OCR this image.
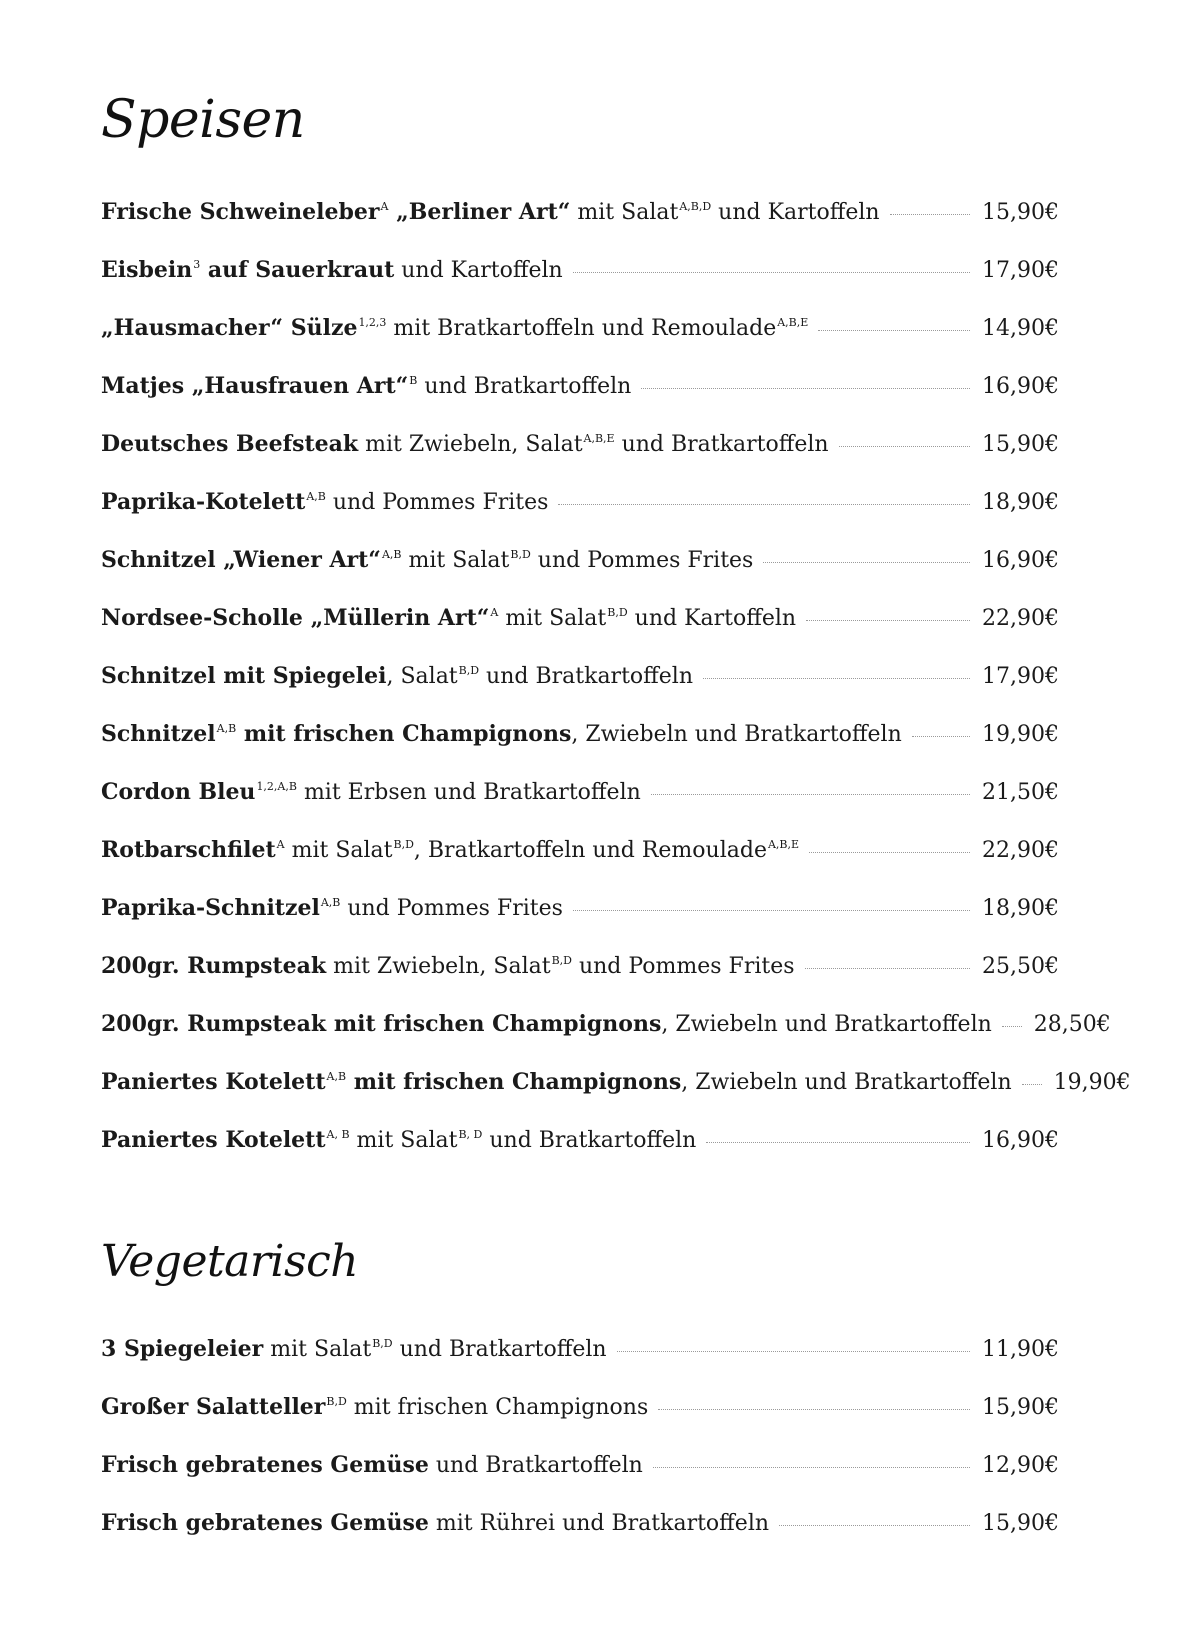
Speisen
Frische Schweineleber$^A$ „Berliner Art“ mit Salat$^{A,B,D}$ und Kartoffeln	15,90€
Eisbein$^3$ auf Sauerkraut und Kartoffeln	17,90€
„Hausmacher“ Sülze$^{1,2,3}$ mit Bratkartoffeln und Remoulade$^{A,B,E}$	14,90€
Matjes „Hausfrauen Art“$^B$ und Bratkartoffeln	16,90€
Deutsches Beefsteak mit Zwiebeln, Salat$^{A,B,E}$ und Bratkartoffeln	15,90€
Paprika-Kotelett$^{A,B}$ und Pommes Frites	18,90€
Schnitzel „Wiener Art“$^{A,B}$ mit Salat$^{B,D}$ und Pommes Frites	16,90€
Nordsee-Scholle „Müllerin Art“$^A$ mit Salat$^{B,D}$ und Kartoffeln	22,90€
Schnitzel mit Spiegelei, Salat$^{B,D}$ und Bratkartoffeln	17,90€
Schnitzel$^{A,B}$ mit frischen Champignons, Zwiebeln und Bratkartoffeln	19,90€
Cordon Bleu$^{1,2,A,B}$ mit Erbsen und Bratkartoffeln	21,50€
Rotbarschfilet$^A$ mit Salat$^{B,D}$, Bratkartoffeln und Remoulade$^{A,B,E}$	22,90€
Paprika-Schnitzel$^{A,B}$ und Pommes Frites	18,90€
200gr. Rumpsteak mit Zwiebeln, Salat$^{B,D}$ und Pommes Frites	25,50€
200gr. Rumpsteak mit frischen Champignons, Zwiebeln und Bratkartoffeln 28,50€
Paniertes Kotelett$^{A,B}$ mit frischen Champignons, Zwiebeln und Bratkartoffeln 19,90€
Paniertes Kotelett$^{A, B}$ mit Salat$^{B, D}$ und Bratkartoffeln	16,90€
Vegetarisch
3 Spiegeleier mit Salat$^{B,D}$ und Bratkartoffeln	11,90€
Großer Salatteller$^{B,D}$ mit frischen Champignons	15,90€
Frisch gebratenes Gemüse und Bratkartoffeln	12,90€
Frisch gebratenes Gemüse mit Rührei und Bratkartoffeln	15,90€
